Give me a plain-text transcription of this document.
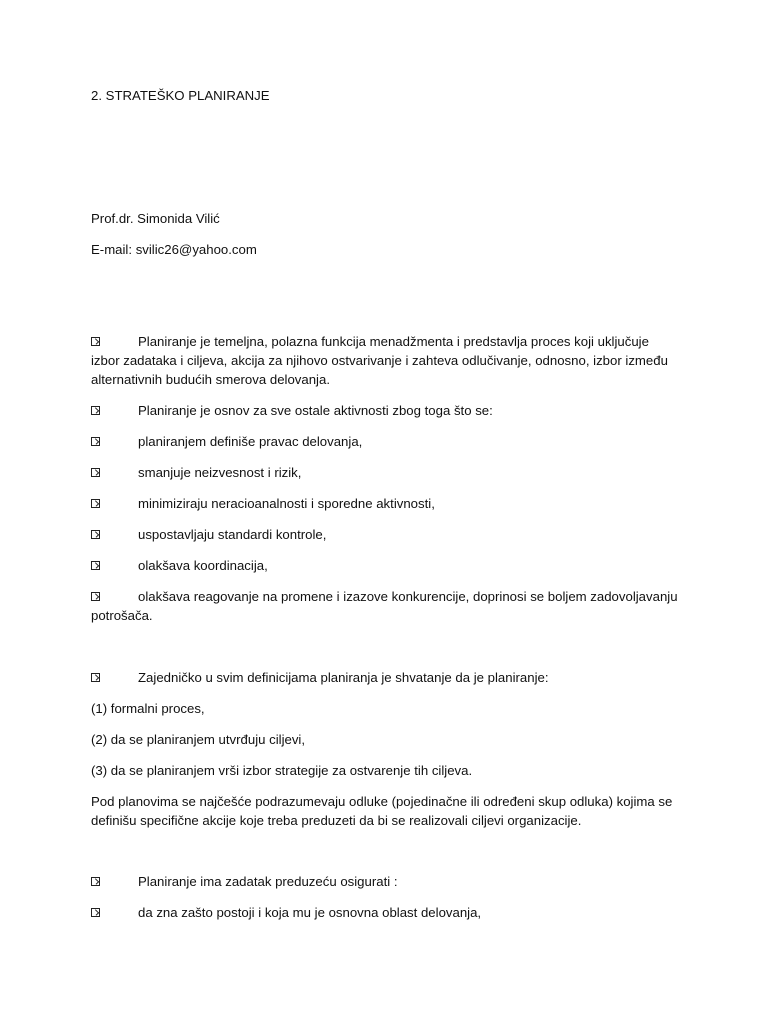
2. STRATEŠKO PLANIRANJE
Prof.dr. Simonida Vilić
E-mail: svilic26@yahoo.com
Planiranje je temeljna, polazna funkcija menadžmenta i predstavlja proces koji uključuje izbor zadataka i ciljeva, akcija za njihovo ostvarivanje i zahteva odlučivanje, odnosno, izbor između alternativnih budućih smerova delovanja.
Planiranje je osnov za sve ostale aktivnosti zbog toga što se:
planiranjem definiše pravac delovanja,
smanjuje neizvesnost i rizik,
minimiziraju neracioanalnosti i sporedne aktivnosti,
uspostavljaju standardi kontrole,
olakšava koordinacija,
olakšava reagovanje na promene i izazove konkurencije, doprinosi se boljem zadovoljavanju potrošača.
Zajedničko u svim definicijama planiranja je shvatanje da je planiranje:
(1) formalni proces,
(2) da se planiranjem utvrđuju ciljevi,
(3) da se planiranjem vrši izbor strategije za ostvarenje tih ciljeva.
Pod planovima se najčešće podrazumevaju odluke (pojedinačne ili određeni skup odluka) kojima se definišu specifične akcije koje treba preduzeti da bi se realizovali ciljevi organizacije.
Planiranje ima zadatak preduzeću osigurati :
da zna zašto postoji i koja mu je osnovna oblast delovanja,
